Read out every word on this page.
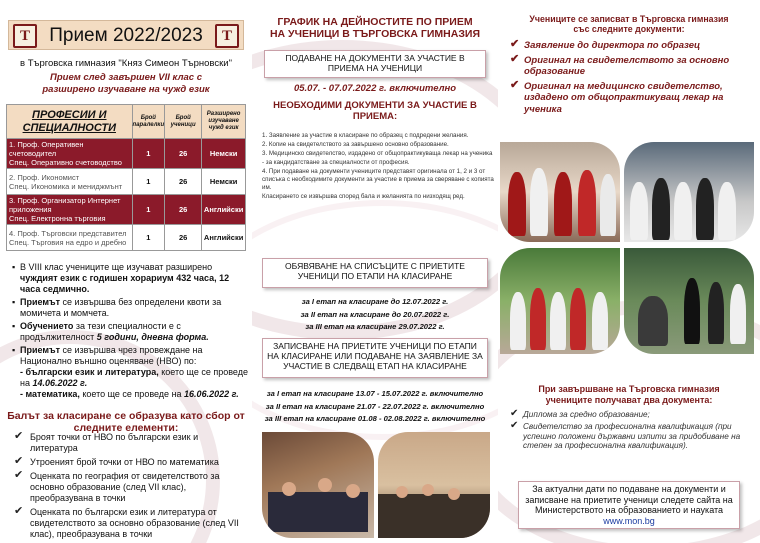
Т	Прием 2022/2023	Т
в Търговска гимназия "Княз Симеон Търновски"
Прием след завършен VII клас с
разширено изучаване на чужд език
ПРОФЕСИИ И СПЕЦИАЛНОСТИ	Брой паралелки	Брой ученици	Разширено изучаване чужд език

1. Проф. Оперативен счетоводител
Спец. Оперативно счетоводство	1	26	Немски

2. Проф. Икономист
Спец. Икономика и мениджмънт	1	26	Немски

3. Проф. Организатор Интернет приложения
Спец. Електронна търговия	1	26	Английски

4. Проф. Търговски представител
Спец. Търговия на едро и дребно	1	26	Английски
▪ В VIII клас учениците ще изучават разширено чуждият език с годишен хорариум 432 часа, 12 часа седмично.
▪ Приемът се извършва без определени квоти за момичета и момчета.
▪ Обучението за тези специалности е с продължителност 5 години, дневна форма.
▪ Приемът се извършва чрез провеждане на Национално външно оценяване (НВО) по:
- български език и литература, което ще се проведе на 14.06.2022 г.
- математика, което ще се проведе на 16.06.2022 г.
Балът за класиране се образува като сбор от следните елементи:
✔ Броят точки от НВО по български език и литература
✔ Утроеният брой точки от НВО по математика
✔ Оценката по география от свидетелството за основно образование (след VII клас), преобразувана в точки
✔ Оценката по български език и литература от свидетелството за основно образование (след VII клас), преобразувана в точки
ГРАФИК НА ДЕЙНОСТИТЕ ПО ПРИЕМ
НА УЧЕНИЦИ В ТЪРГОВСКА ГИМНАЗИЯ
ПОДАВАНЕ НА ДОКУМЕНТИ ЗА УЧАСТИЕ В ПРИЕМА НА УЧЕНИЦИ
05.07. - 07.07.2022 г. включително
НЕОБХОДИМИ ДОКУМЕНТИ ЗА УЧАСТИЕ В ПРИЕМА:
1. Заявление за участие в класиране по образец с подредени желания.
2. Копие на свидетелството за завършено основно образование.
3. Медицинско свидетелство, издадено от общопрактикуваща лекар на ученика - за кандидатстване за специалности от професия.
4. При подаване на документи учениците представят оригинала от 1, 2 и 3 от списъка с необходимите документи за участие в приема за сверяване с копията им.
Класирането се извършва според бала и желанията по низходящ ред.
ОБЯВЯВАНЕ НА СПИСЪЦИТЕ С ПРИЕТИТЕ УЧЕНИЦИ ПО ЕТАПИ НА КЛАСИРАНЕ
за I етап на класиране до 12.07.2022 г.
за II етап на класиране до 20.07.2022 г.
за III етап на класиране 29.07.2022 г.
ЗАПИСВАНЕ НА ПРИЕТИТЕ УЧЕНИЦИ ПО ЕТАПИ НА КЛАСИРАНЕ ИЛИ ПОДАВАНЕ НА ЗАЯВЛЕНИЕ ЗА УЧАСТИЕ В СЛЕДВАЩ ЕТАП НА КЛАСИРАНЕ
за I етап на класиране 13.07 - 15.07.2022 г. включително
за II етап на класиране 21.07 - 22.07.2022 г. включително
за III етап на класиране 01.08 - 02.08.2022 г. включително
Учениците се записват в Търговска гимназия
със следните документи:
✔ Заявление до директора по образец
✔ Оригинал на свидетелството за основно образование
✔ Оригинал на медицинско свидетелство, издадено от общопрактикуващ лекар на ученика
При завършване на Търговска гимназия
учениците получават два документа:
✔ Диплома за средно образование;
✔ Свидетелство за професионална квалификация (при успешно положени държавни изпити за придобиване на степен за професионална квалификация).
За актуални дати по подаване на документи и записване на приетите ученици следете сайта на Министерството на образованието и науката www.mon.bg
